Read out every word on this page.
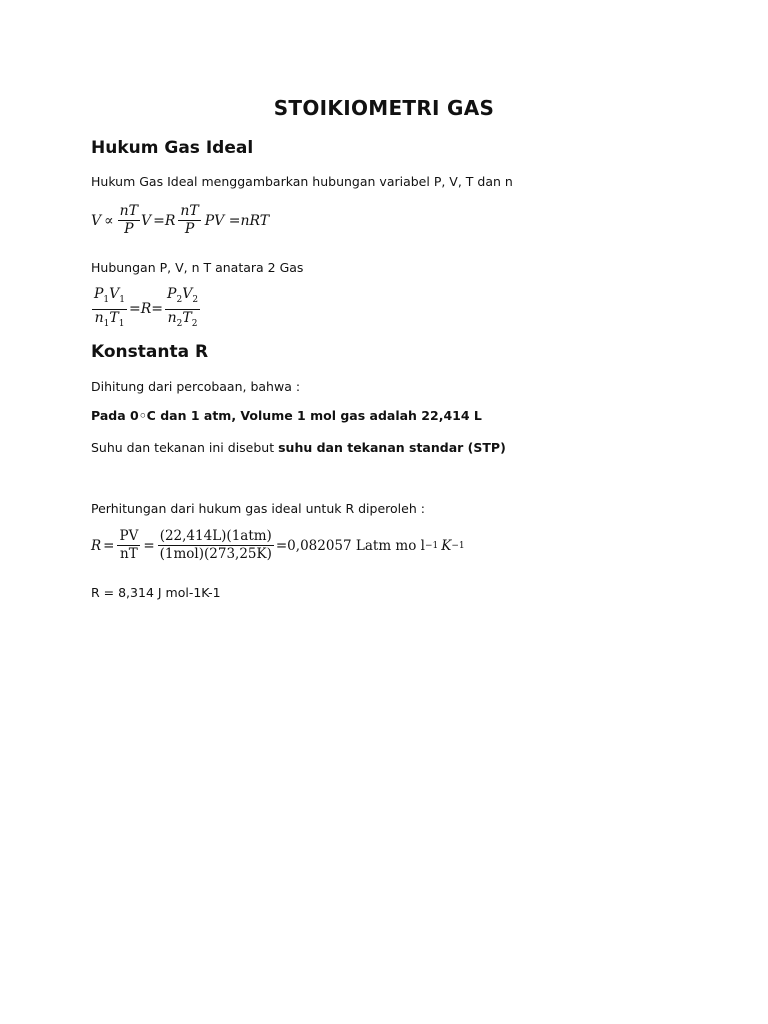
STOIKIOMETRI GAS
Hukum Gas Ideal
Hukum Gas Ideal menggambarkan hubungan variabel P, V, T dan n
$V \propto \frac{nT}{P}$ $V =R \frac{nT}{P}$ PV =nRT
Hubungan P, V, n T anatara 2 Gas
$\frac{P_1V_1}{n_1T_1} =R= \frac{P_2V_2}{n_2T_2}$
Konstanta R
Dihitung dari percobaan, bahwa :
Pada 0◦C dan 1 atm, Volume 1 mol gas adalah 22,414 L
Suhu dan tekanan ini disebut suhu dan tekanan standar (STP)
Perhitungan dari hukum gas ideal untuk R diperoleh :
$R = \frac{PV}{nT} = \frac{\text{(22,414L)(1atm)}}{\text{(1mol)(273,25K)}} =0,082057$ Latm mo l −1 K −1
R = 8,314 J mol-1K-1
